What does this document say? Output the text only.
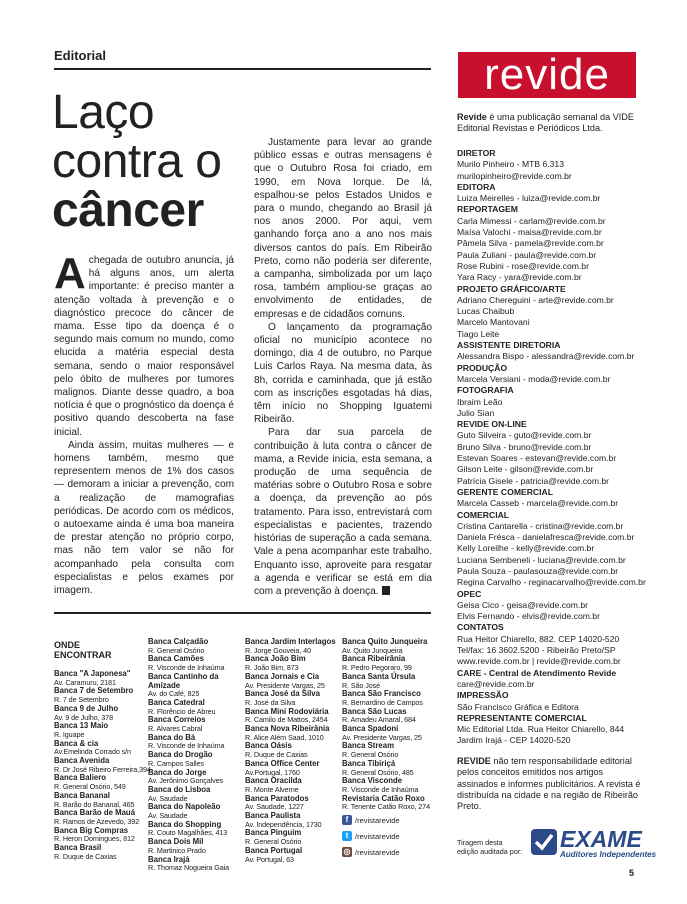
Editorial
Laço
contra o
câncer

Achegada de outubro anuncia, já há alguns anos, um alerta importante: é preciso manter a atenção voltada à prevenção e o diagnóstico precoce do câncer de mama. Esse tipo da doença é o segundo mais comum no mundo, como elucida a matéria especial desta semana, sendo o maior responsável pelo óbito de mulheres por tumores malignos. Diante desse quadro, a boa notícia é que o prognóstico da doença é positivo quando descoberta na fase inicial.

Ainda assim, muitas mulheres — e homens também, mesmo que representem menos de 1% dos casos — demoram a iniciar a prevenção, com a realização de mamografias periódicas. De acordo com os médicos, o autoexame ainda é uma boa maneira de prestar atenção no próprio corpo, mas não tem valor se não for acompanhado pela consulta com especialistas e pelos exames por imagem.

Justamente para levar ao grande público essas e outras mensagens é que o Outubro Rosa foi criado, em 1990, em Nova Iorque. De lá, espalhou-se pelos Estados Unidos e para o mundo, chegando ao Brasil já nos anos 2000. Por aqui, vem ganhando força ano a ano nos mais diversos cantos do país. Em Ribeirão Preto, como não poderia ser diferente, a campanha, simbolizada por um laço rosa, também ampliou-se graças ao envolvimento de entidades, de empresas e de cidadãos comuns.

O lançamento da programação oficial no município acontece no domingo, dia 4 de outubro, no Parque Luis Carlos Raya. Na mesma data, às 8h, corrida e caminhada, que já estão com as inscrições esgotadas há dias, têm início no Shopping Iguatemi Ribeirão.

Para dar sua parcela de contribuição à luta contra o câncer de mama, a Revide inicia, esta semana, a produção de uma sequência de matérias sobre o Outubro Rosa e sobre a doença, da prevenção ao pós tratamento. Para isso, entrevistará com especialistas e pacientes, trazendo histórias de superação a cada semana. Vale a pena acompanhar este trabalho. Enquanto isso, aproveite para resgatar a agenda e verificar se está em dia com a prevenção à doença.

ONDE
ENCONTRAR
Banca "A Japonesa"
Av. Caramuru, 2181
Banca 7 de Setembro
R. 7 de Setembro
Banca 9 de Julho
Av. 9 de Julho, 378
Banca 13 Maio
R. Iguape
Banca & cia
Av.Emelinda Corrado s/n
Banca Avenida
R. Dr José Ribeiro Ferreira,394
Banca Baliero
R. General Osório, 549
Banca Bananal
R. Barão do Bananal, 465
Banca Barão de Mauá
R. Ramos de Azevedo, 392
Banca Big Compras
R. Heron Domingues, 812
Banca Brasil
R. Duque de Caxias
Banca Calçadão
R. General Osório
Banca Camões
R. Visconde de Inhaúma
Banca Cantinho da Amizade
Av. do Café, 825
Banca Catedral
R. Florêncio de Abreu
Banca Correios
R. Alvares Cabral
Banca do Bá
R. Visconde de Inhaúma
Banca do Drogão
R. Campos Salles
Banca do Jorge
Av. Jerônimo Gonçalves
Banca do Lisboa
Av. Saudade
Banca do Napoleão
Av. Saudade
Banca do Shopping
R. Couto Magalhães, 413
Banca Dois Mil
R. Martinico Prado
Banca Irajá
R. Thomaz Nogueira Gaia
Banca Jardim Interlagos
R. Jorge Gouveia, 40
Banca João Bim
R. João Bim, 873
Banca Jornais e Cia
Av. Presidente Vargas, 25
Banca José da Silva
R. José da Silva
Banca Mini Rodoviária
R. Camilo de Mattos, 2454
Banca Nova Ribeirânia
R. Alice Além Saad, 1010
Banca Oásis
R. Duque de Caxias
Banca Office Center
Av.Portugal, 1760
Banca Oracilda
R. Monte Alverne
Banca Paratodos
Av. Saudade, 1227
Banca Paulista
Av. Independência, 1730
Banca Pinguim
R. General Osório
Banca Portugal
Av. Portugal, 63
Banca Quito Junqueira
Av. Quito Junqueira
Banca Ribeirânia
R. Pedro Pegoraro, 99
Banca Santa Úrsula
R. São José
Banca São Francisco
R. Bernardino de Campos
Banca São Lucas
R. Amadeu Amaral, 684
Banca Spadoni
Av. Presidente Vargas, 25
Banca Stream
R. General Osório
Banca Tibiriçá
R. General Osório, 485
Banca Visconde
R. Visconde de Inhaúma
Revistaria Catão Roxo
R. Tenente Catão Roxo, 274
f /revistarevide
t /revistarevide
◎ /revistarevide
revide
Revide é uma publicação semanal da VIDE Editorial Revistas e Periódicos Ltda.
DIRETOR
Murilo Pinheiro - MTB 6.313
murilopinheiro@revide.com.br
EDITORA
Luiza Meirelles - luiza@revide.com.br
REPORTAGEM
Carla Mimessi - carlam@revide.com.br
Maísa Valochi - maisa@revide.com.br
Pâmela Silva - pamela@revide.com.br
Paula Zuliani - paula@revide.com.br
Rose Rubini - rose@revide.com.br
Yara Racy - yara@revide.com.br
PROJETO GRÁFICO/ARTE
Adriano Chereguini - arte@revide.com.br
Lucas Chaibub
Marcelo Mantovani
Tiago Leite
ASSISTENTE DIRETORIA
Alessandra Bispo - alessandra@revide.com.br
PRODUÇÃO
Marcela Versiani - moda@revide.com.br
FOTOGRAFIA
Ibraim Leão
Julio Sian
REVIDE ON-LINE
Guto Silveira - guto@revide.com.br
Bruno Silva - bruno@revide.com.br
Estevan Soares - estevan@revide.com.br
Gilson Leite - gilson@revide.com.br
Patrícia Gisele - patricia@revide.com.br
GERENTE COMERCIAL
Marcela Casseb - marcela@revide.com.br
COMERCIAL
Cristina Cantarella - cristina@revide.com.br
Daniela Frésca - danielafresca@revide.com.br
Kelly Loreilhe - kelly@revide.com.br
Luciana Sembeneli - luciana@revide.com.br
Paula Souza - paulasouza@revide.com.br
Regina Carvalho - reginacarvalho@revide.com.br
OPEC
Geisa Cico - geisa@revide.com.br
Elvis Fernando - elvis@revide.com.br
CONTATOS
Rua Heitor Chiarello, 882. CEP 14020-520
Tel/fax: 16 3602.5200 - Ribeirão Preto/SP
www.revide.com.br | revide@revide.com.br
CARE - Central de Atendimento Revide
care@revide.com.br
IMPRESSÃO
São Francisco Gráfica e Editora
REPRESENTANTE COMERCIAL
Mic Editorial Ltda. Rua Heitor Chiarello, 844
Jardim Irajá - CEP 14020-520
REVIDE não tem responsabilidade editorial pelos conceitos emitidos nos artigos assinados e informes publicitários. A revista é distribuída na cidade e na região de Ribeirão Preto.
Tiragem desta edição auditada por: EXAME
Auditores Independentes
5
